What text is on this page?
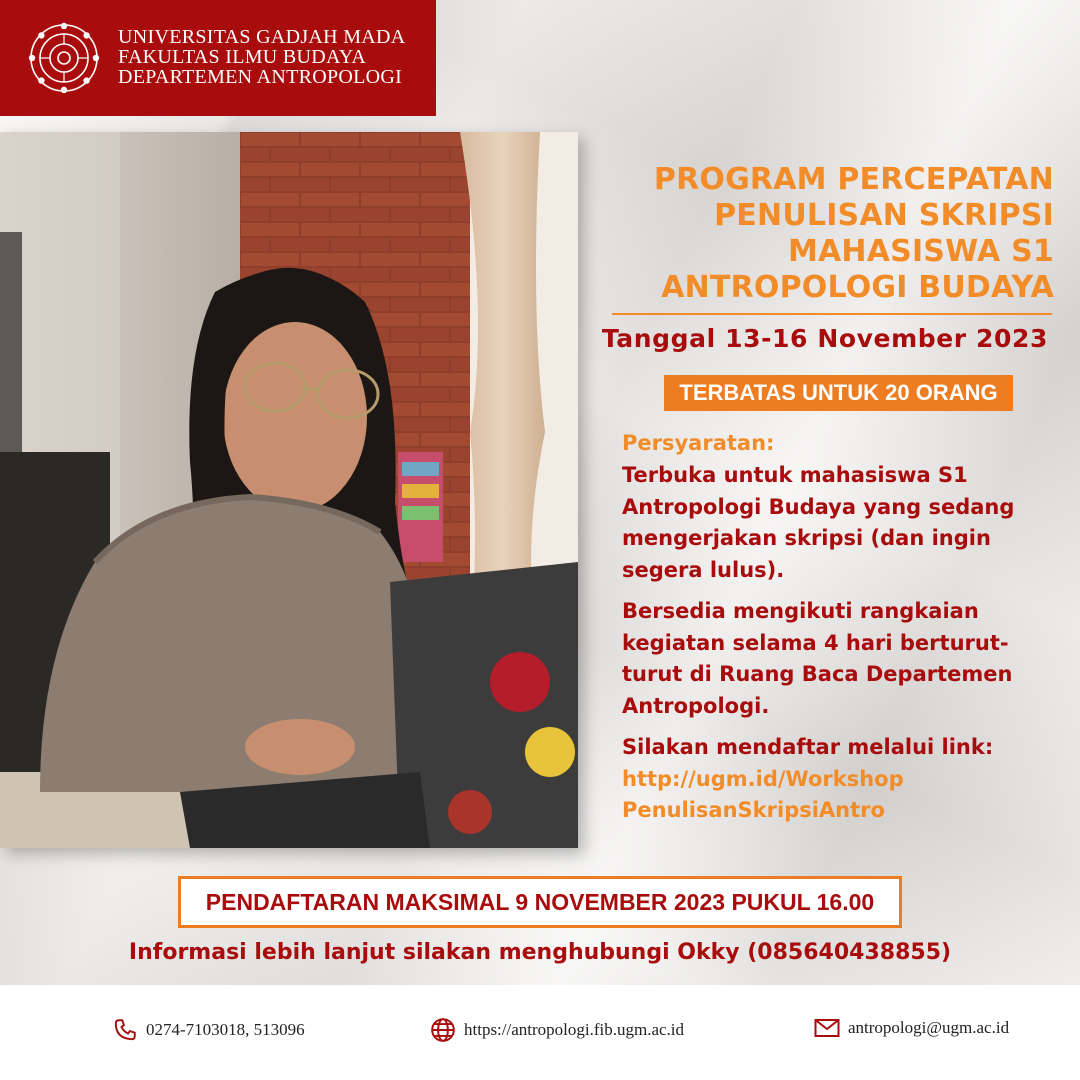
UNIVERSITAS GADJAH MADA
FAKULTAS ILMU BUDAYA
DEPARTEMEN ANTROPOLOGI
PROGRAM PERCEPATAN
PENULISAN SKRIPSI
MAHASISWA S1
ANTROPOLOGI BUDAYA
Tanggal 13-16 November 2023
TERBATAS UNTUK 20 ORANG
Persyaratan:

Terbuka untuk mahasiswa S1 Antropologi Budaya yang sedang mengerjakan skripsi (dan ingin segera lulus).

Bersedia mengikuti rangkaian kegiatan selama 4 hari berturut-turut di Ruang Baca Departemen Antropologi.

Silakan mendaftar melalui link:

http://ugm.id/Workshop
PenulisanSkripsiAntro
PENDAFTARAN MAKSIMAL 9 NOVEMBER 2023 PUKUL 16.00
Informasi lebih lanjut silakan menghubungi Okky (085640438855)
0274-7103018, 513096	https://antropologi.fib.ugm.ac.id	antropologi@ugm.ac.id
